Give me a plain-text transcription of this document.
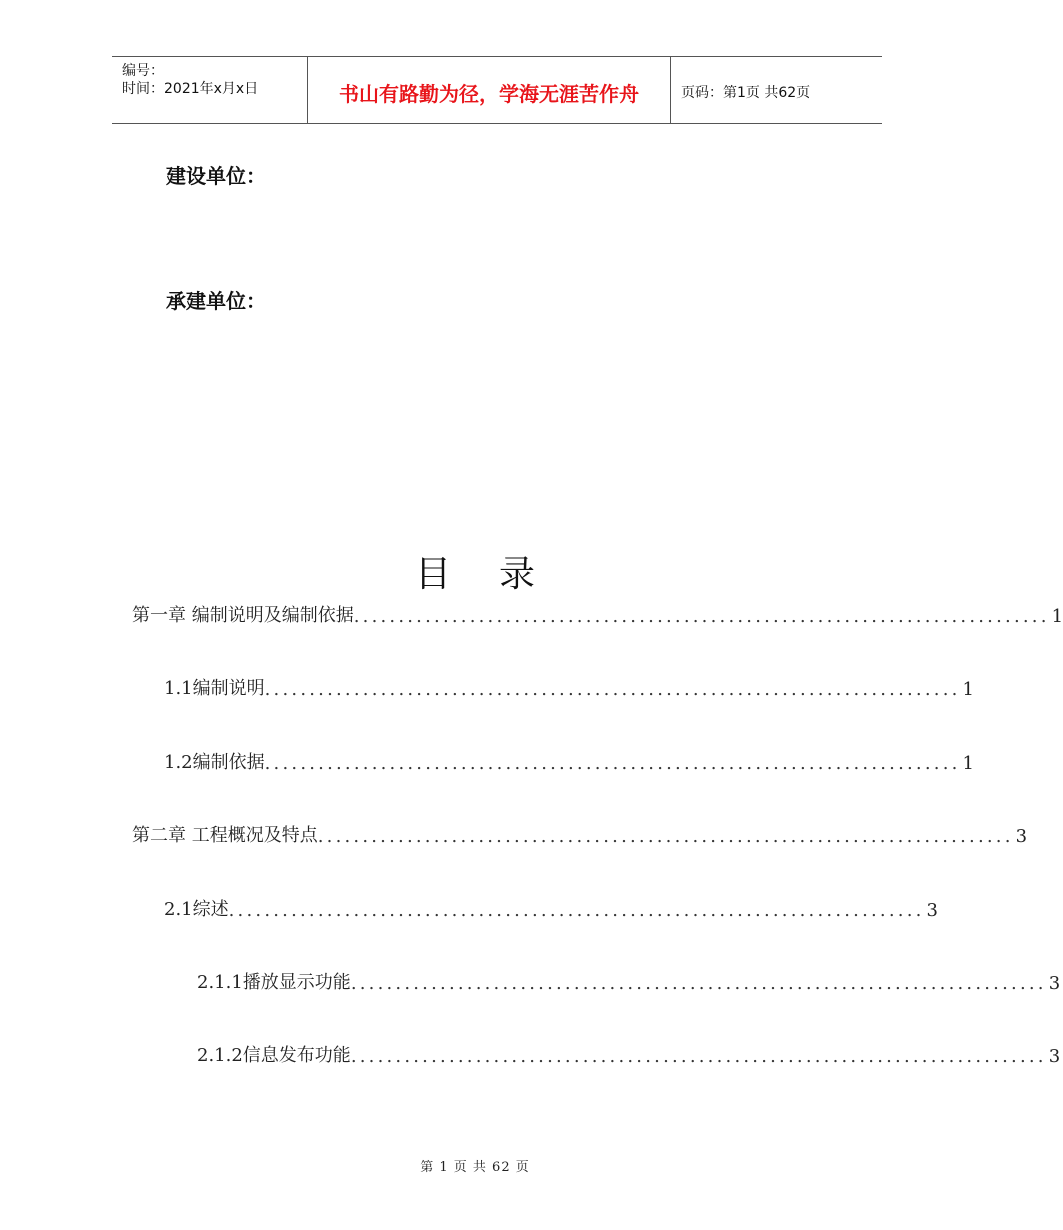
编号：
时间：2021年x月x日	书山有路勤为径，学海无涯苦作舟	页码：第1页 共62页
建设单位：
承建单位：
目录
第一章 编制说明及编制依据 .............................................................................. 1
1.1编制说明 .............................................................................. 1
1.2编制依据 .............................................................................. 1
第二章 工程概况及特点 .............................................................................. 3
2.1综述 .............................................................................. 3
2.1.1播放显示功能 .............................................................................. 3
2.1.2信息发布功能 .............................................................................. 3
第 1 页 共 62 页
